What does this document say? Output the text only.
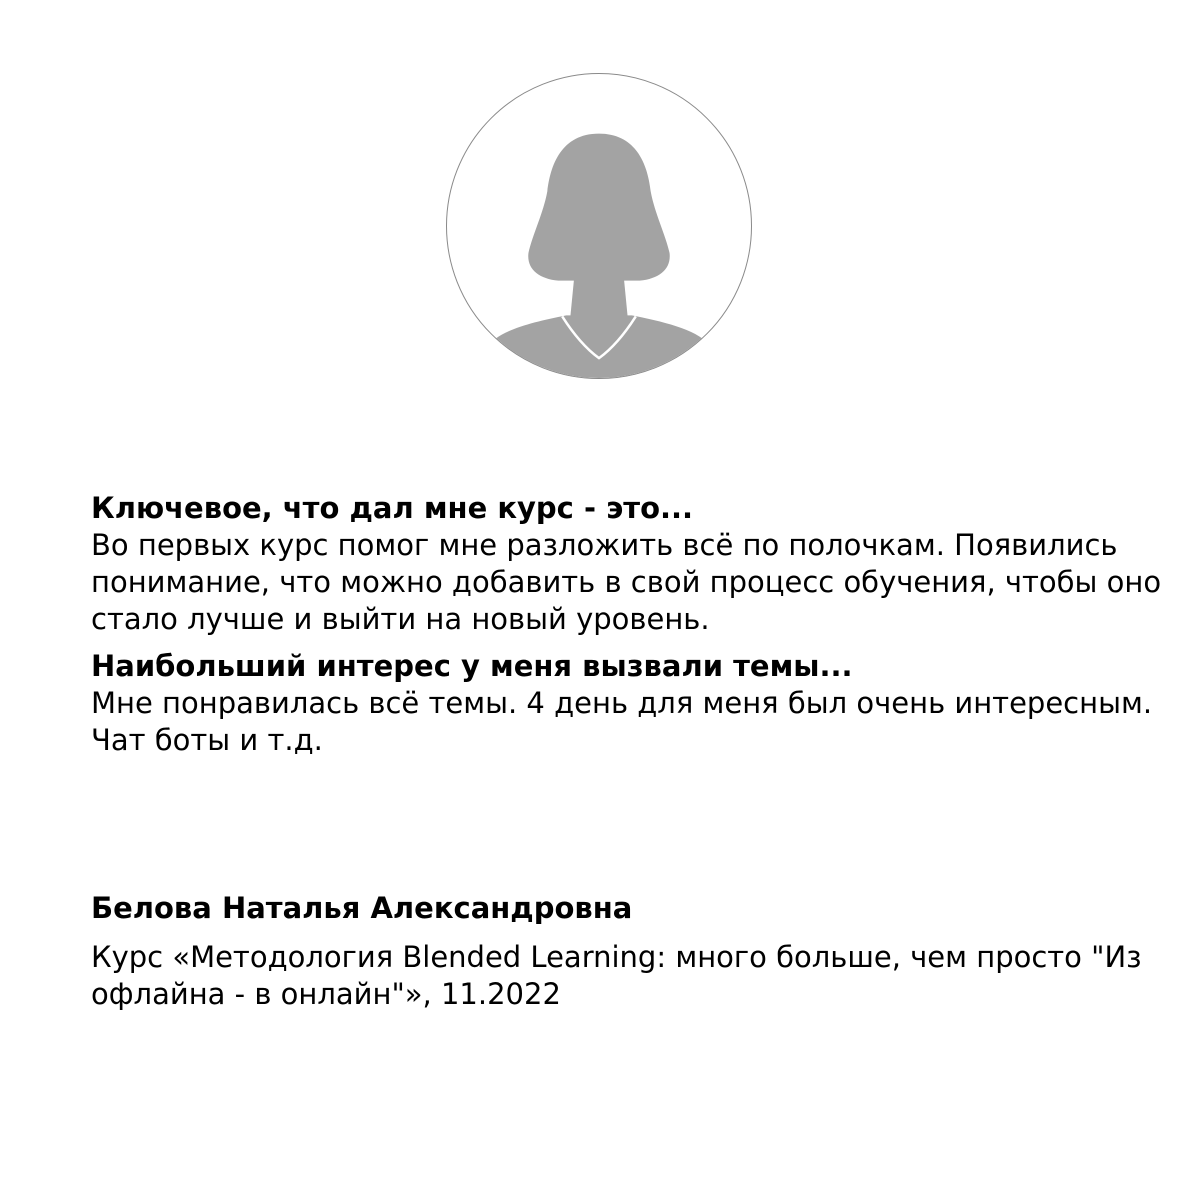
Ключевое, что дал мне курс - это...

Во первых курс помог мне разложить всё по полочкам. Появились понимание, что можно добавить в свой процесс обучения, чтобы оно стало лучше и выйти на новый уровень.

Наибольший интерес у меня вызвали темы...

Мне понравилась всё темы. 4 день для меня был очень интересным. Чат боты и т.д.

Белова Наталья Александровна

Курс «Методология Blended Learning: много больше, чем просто "Из офлайна - в онлайн"», 11.2022
